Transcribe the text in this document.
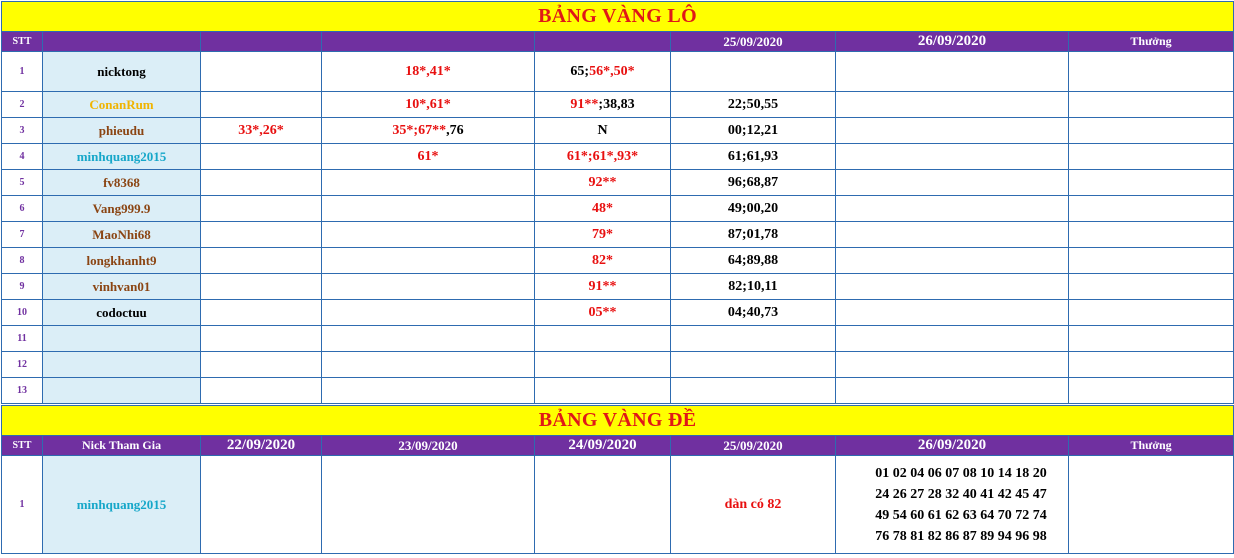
BẢNG VÀNG LÔ							
STT					25/09/2020	26/09/2020	Thưởng
1	nicktong		18*,41*	65;56*,50*			
2	ConanRum		10*,61*	91**;38,83	22;50,55		
3	phieudu	33*,26*	35*;67**,76	N	00;12,21		
4	minhquang2015		61*	61*;61*,93*	61;61,93		
5	fv8368			92**	96;68,87		
6	Vang999.9			48*	49;00,20		
7	MaoNhi68			79*	87;01,78		
8	longkhanht9			82*	64;89,88		
9	vinhvan01			91**	82;10,11		
10	codoctuu			05**	04;40,73		
11							
12							
13							
BẢNG VÀNG ĐỀ							
STT	Nick Tham Gia	22/09/2020	23/09/2020	24/09/2020	25/09/2020	26/09/2020	Thưởng
1	minhquang2015				dàn có 82	01 02 04 06 07 08 10 14 18 20
24 26 27 28 32 40 41 42 45 47
49 54 60 61 62 63 64 70 72 74
76 78 81 82 86 87 89 94 96 98	
